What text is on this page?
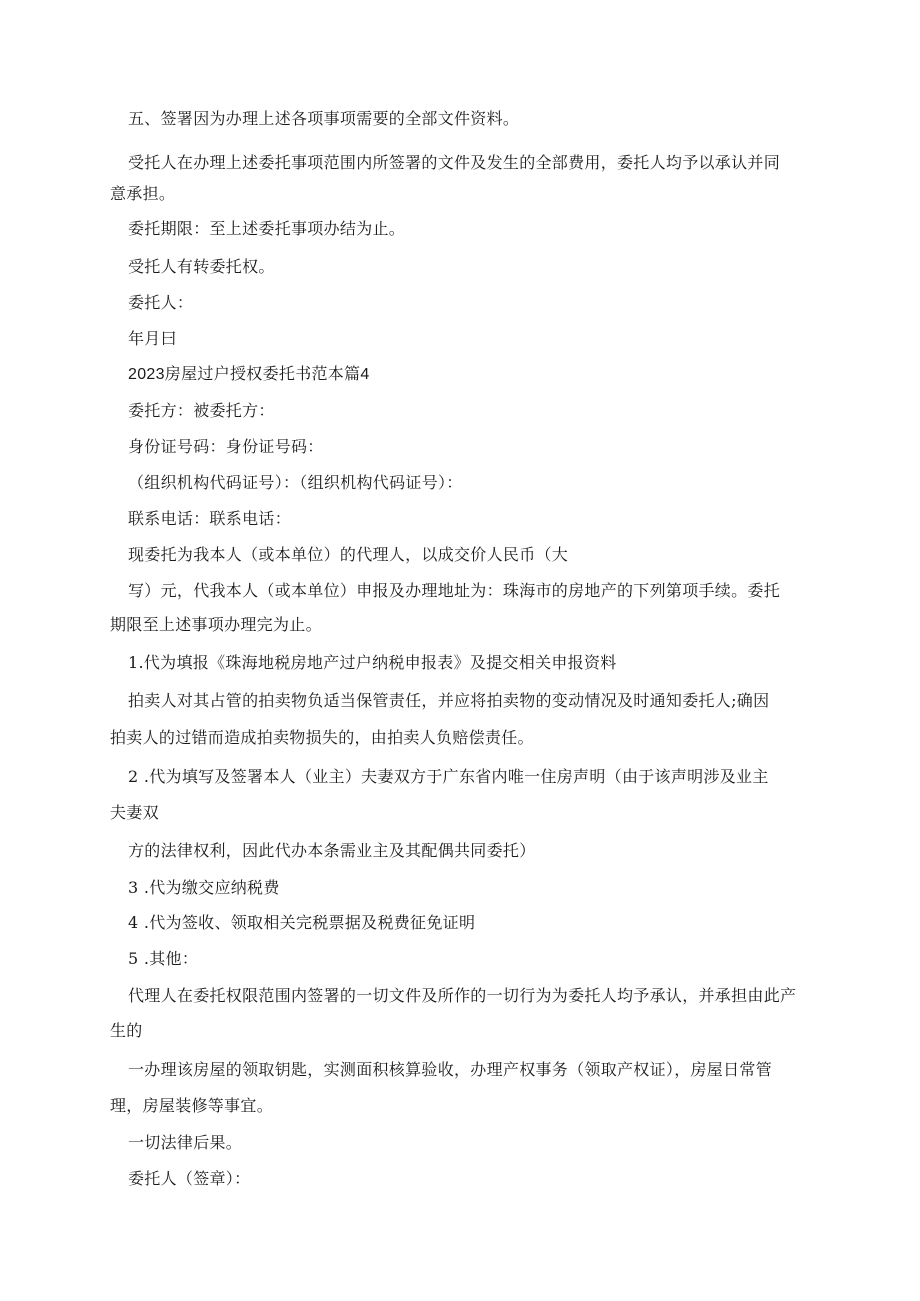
五、签署因为办理上述各项事项需要的全部文件资料。
受托人在办理上述委托事项范围内所签署的文件及发生的全部费用，委托人均予以承认并同
意承担。
委托期限：至上述委托事项办结为止。
受托人有转委托权。
委托人：
年月曰
2023房屋过户授权委托书范本篇4
委托方：被委托方：
身份证号码：身份证号码：
（组织机构代码证号）：（组织机构代码证号）：
联系电话：联系电话：
现委托为我本人（或本单位）的代理人，以成交价人民币（大
写）元，代我本人（或本单位）申报及办理地址为：珠海市的房地产的下列第项手续。委托
期限至上述事项办理完为止。
1.代为填报《珠海地税房地产过户纳税申报表》及提交相关申报资料
拍卖人对其占管的拍卖物负适当保管责任，并应将拍卖物的变动情况及时通知委托人;确因
拍卖人的过错而造成拍卖物损失的，由拍卖人负赔偿责任。
2 .代为填写及签署本人（业主）夫妻双方于广东省内唯一住房声明（由于该声明涉及业主
夫妻双
方的法律权利，因此代办本条需业主及其配偶共同委托）
3 .代为缴交应纳税费
4 .代为签收、领取相关完税票据及税费征免证明
5 .其他：
代理人在委托权限范围内签署的一切文件及所作的一切行为为委托人均予承认，并承担由此产
生的
一办理该房屋的领取钥匙，实测面积核算验收，办理产权事务（领取产权证），房屋日常管
理，房屋装修等事宜。
一切法律后果。
委托人（签章）：
